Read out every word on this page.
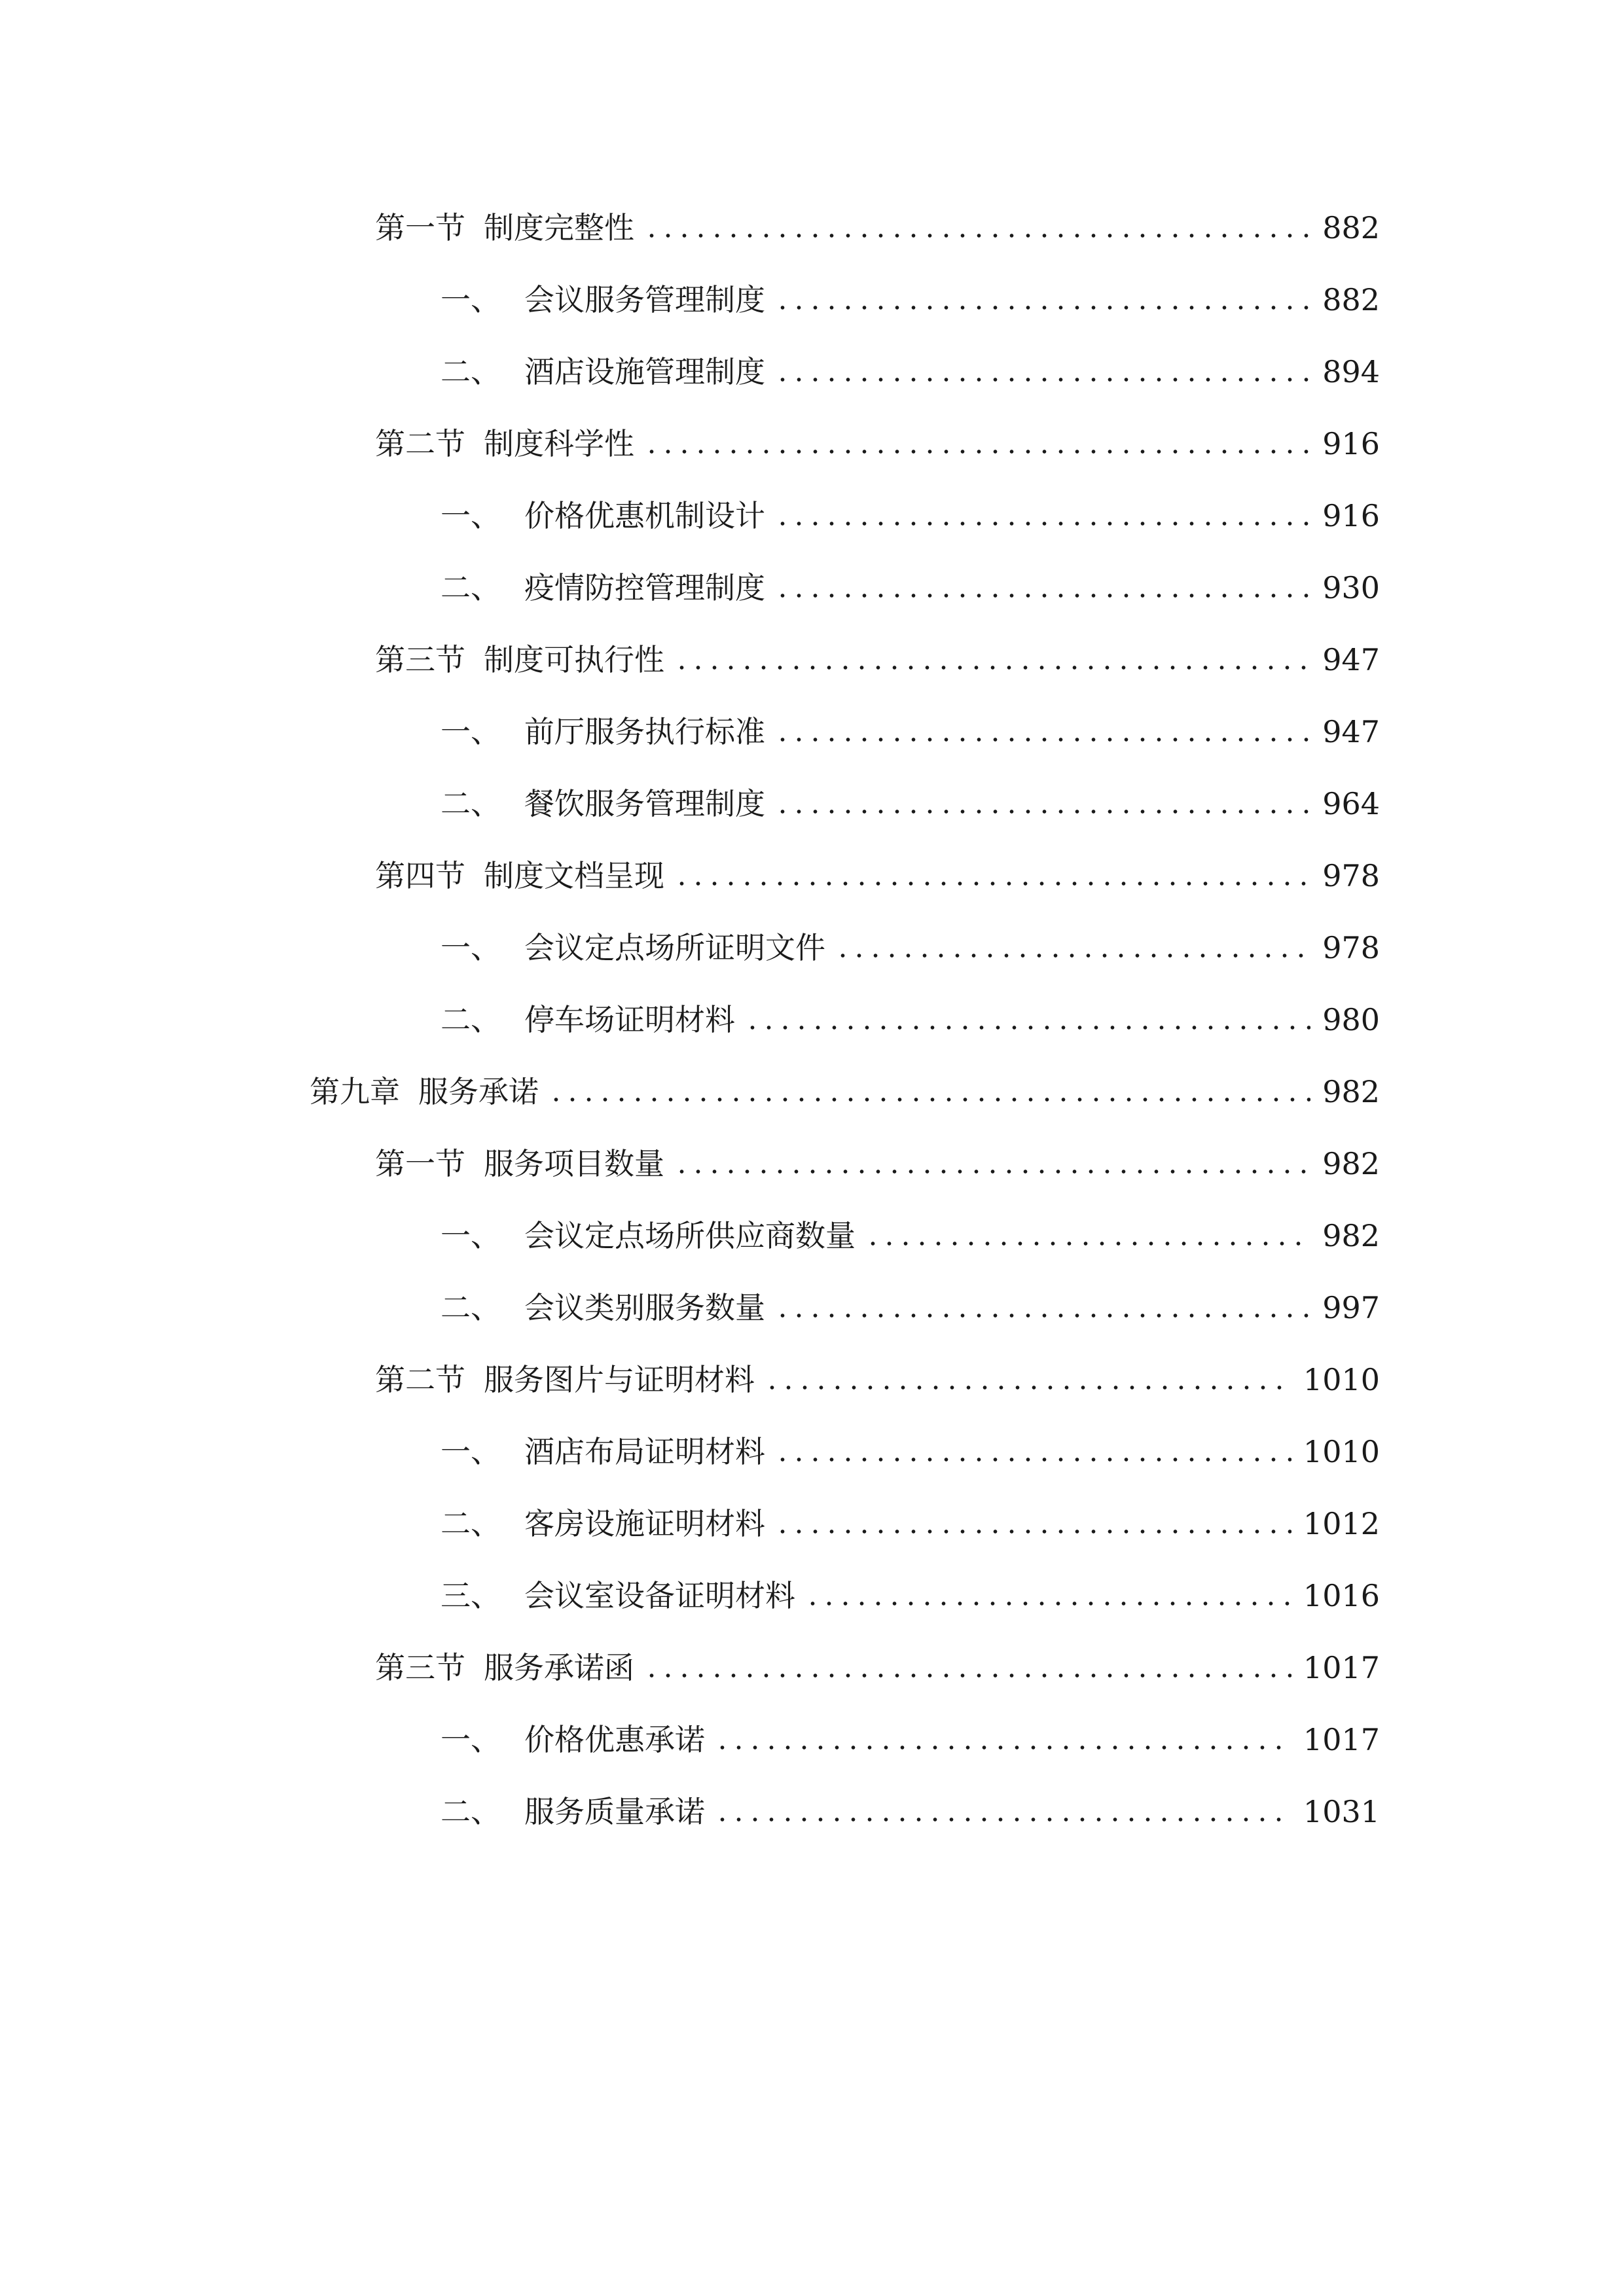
第一节 制度完整性	882
一、 会议服务管理制度	882
二、 酒店设施管理制度	894
第二节 制度科学性	916
一、 价格优惠机制设计	916
二、 疫情防控管理制度	930
第三节 制度可执行性	947
一、 前厅服务执行标准	947
二、 餐饮服务管理制度	964
第四节 制度文档呈现	978
一、 会议定点场所证明文件	978
二、 停车场证明材料	980
第九章 服务承诺	982
第一节 服务项目数量	982
一、 会议定点场所供应商数量	982
二、 会议类别服务数量	997
第二节 服务图片与证明材料	1010
一、 酒店布局证明材料	1010
二、 客房设施证明材料	1012
三、 会议室设备证明材料	1016
第三节 服务承诺函	1017
一、 价格优惠承诺	1017
二、 服务质量承诺	1031
